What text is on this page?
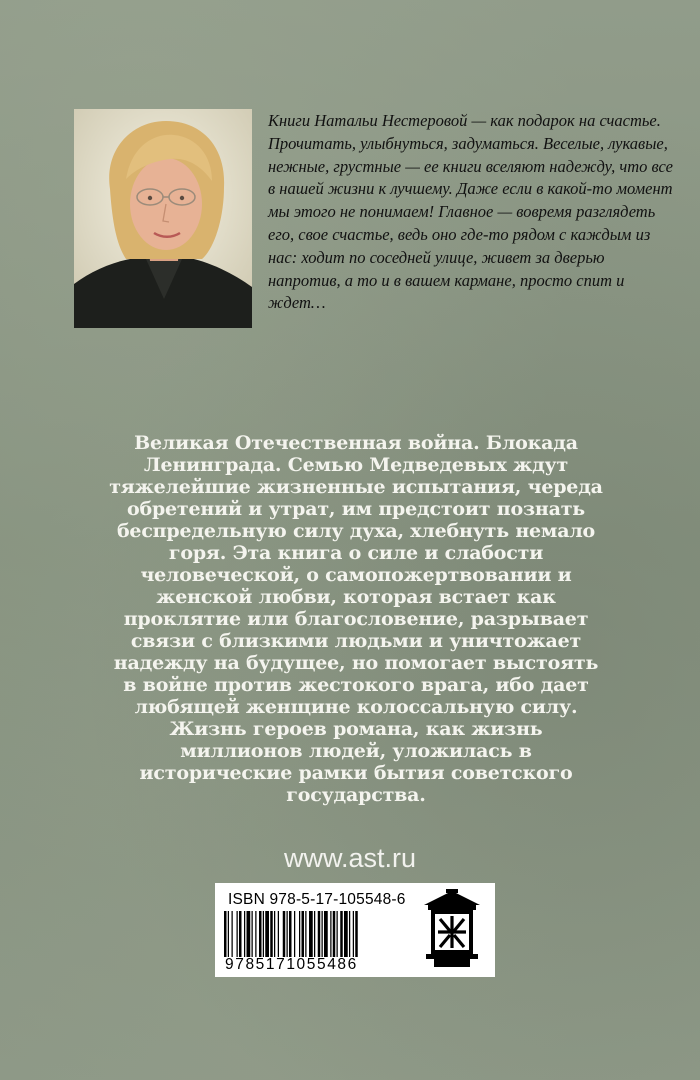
Книги Натальи Нестеровой — как подарок на счастье. Прочитать, улыбнуться, задуматься. Веселые, лукавые, нежные, грустные — ее книги вселяют надежду, что все в нашей жизни к лучшему. Даже если в какой-то момент мы этого не понимаем! Главное — вовремя разглядеть его, свое счастье, ведь оно где-то рядом с каждым из нас: ходит по соседней улице, живет за дверью напротив, а то и в вашем кармане, просто спит и ждет…

Великая Отечественная война. Блокада Ленинграда. Семью Медведевых ждут тяжелейшие жизненные испытания, череда обретений и утрат, им предстоит познать беспредельную силу духа, хлебнуть немало горя. Эта книга о силе и слабости человеческой, о самопожертвовании и женской любви, которая встает как проклятие или благословение, разрывает связи с близкими людьми и уничтожает надежду на будущее, но помогает выстоять в войне против жестокого врага, ибо дает любящей женщине колоссальную силу. Жизнь героев романа, как жизнь миллионов людей, уложилась в исторические рамки бытия советского государства.

www.ast.ru

ISBN 978-5-17-105548-6

9785171055486
